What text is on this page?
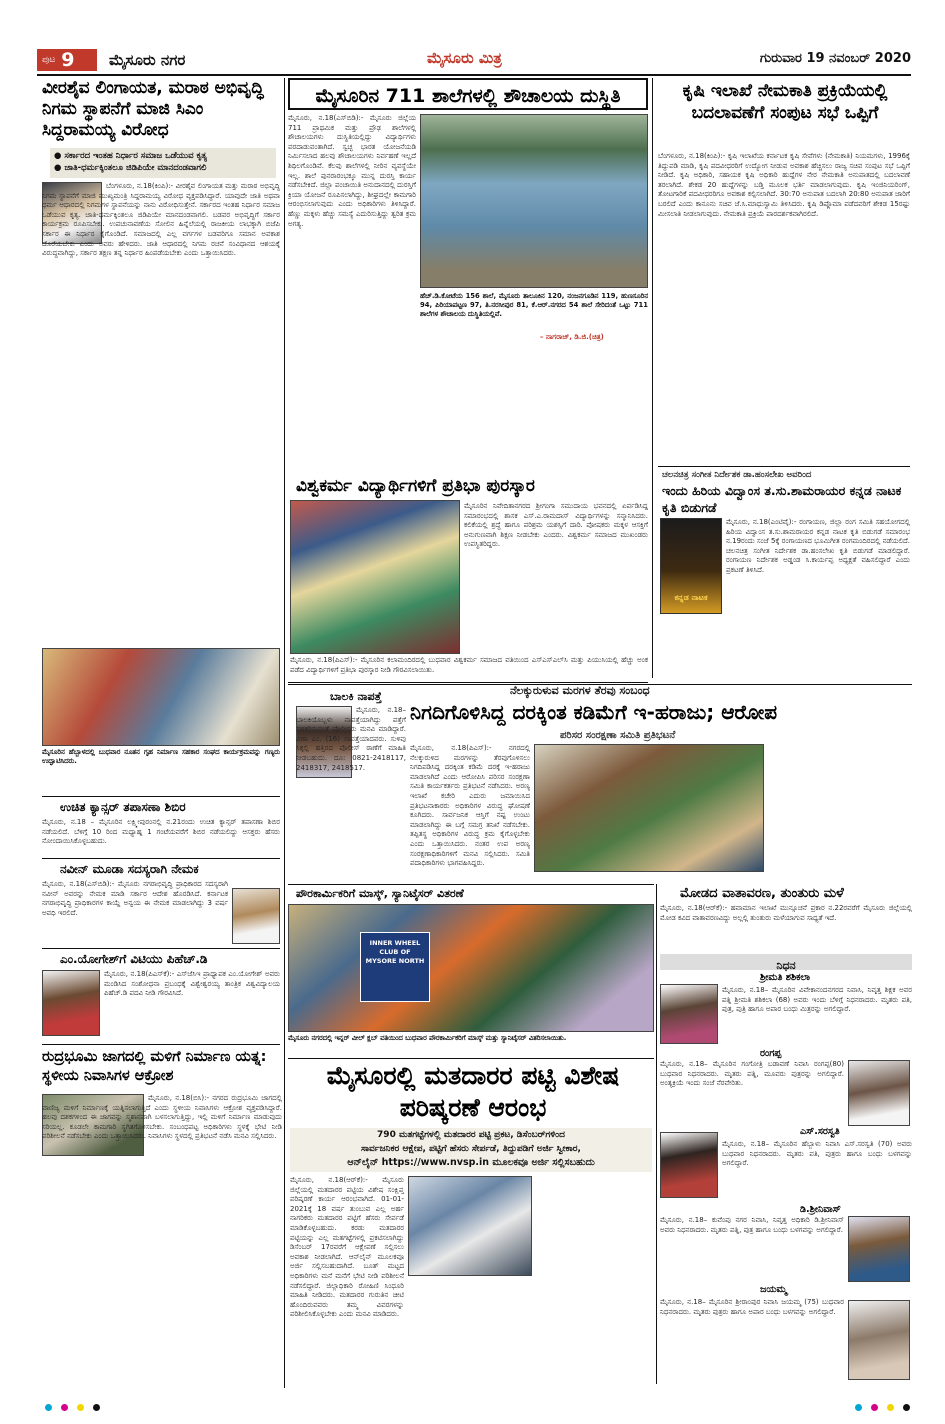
ಪುಟ 9 ಮೈಸೂರು ನಗರ	ಮೈಸೂರು ಮಿತ್ರ	ಗುರುವಾರ 19 ನವಂಬರ್ 2020
ವೀರಶೈವ ಲಿಂಗಾಯತ, ಮರಾಠ ಅಭಿವೃದ್ಧಿ ನಿಗಮ ಸ್ಥಾಪನೆಗೆ ಮಾಜಿ ಸಿಎಂ ಸಿದ್ದರಾಮಯ್ಯ ವಿರೋಧ
● ಸರ್ಕಾರದ ಇಂತಹ ನಿರ್ಧಾರ ಸಮಾಜ ಒಡೆಯುವ ಕೃತ್ಯ
● ಜಾತಿ-ಧರ್ಮಕ್ಕಿಂತಲೂ ಜಿಡಿಪಿಯೇ ಮಾನದಂಡವಾಗಲಿ
ಬೆಂಗಳೂರು, ನ.18(ಕಿಂಪಿ):- ವೀರಶೈವ ಲಿಂಗಾಯತ ಮತ್ತು ಮರಾಠ ಅಭಿವೃದ್ಧಿ ನಿಗಮ ಸ್ಥಾಪನೆಗೆ ಮಾಜಿ ಮುಖ್ಯಮಂತ್ರಿ ಸಿದ್ದರಾಮಯ್ಯ ವಿರೋಧ ವ್ಯಕ್ತಪಡಿಸಿದ್ದಾರೆ. ಯಾವುದೇ ಜಾತಿ ಅಥವಾ ಧರ್ಮ ಆಧಾರದಲ್ಲಿ ನಿಗಮಗಳ ಸ್ಥಾಪನೆಯನ್ನು ನಾನು ವಿರೋಧಿಸುತ್ತೇನೆ. ಸರ್ಕಾರದ ಇಂತಹ ನಿರ್ಧಾರ ಸಮಾಜ ಒಡೆಯುವ ಕೃತ್ಯ. ಜಾತಿ-ಧರ್ಮಕ್ಕಿಂತಲೂ ಜಿಡಿಪಿಯೇ ಮಾನದಂಡವಾಗಲಿ. ಬಡವರ ಅಭಿವೃದ್ಧಿಗೆ ಸರ್ಕಾರ ಕಾರ್ಯಕ್ರಮ ರೂಪಿಸಬೇಕು. ಉಪಚುನಾವಣೆಯ ಸೋಲಿನ ಹಿನ್ನೆಲೆಯಲ್ಲಿ ರಾಜಕೀಯ ಲಾಭಕ್ಕಾಗಿ ಬಿಜೆಪಿ ಸರ್ಕಾರ ಈ ನಿರ್ಧಾರ ಕೈಗೊಂಡಿದೆ. ಸಮಾಜದಲ್ಲಿ ಎಲ್ಲ ವರ್ಗಗಳ ಬಡವರಿಗೂ ಸಮಾನ ಅವಕಾಶ ದೊರೆಯಬೇಕು ಎಂದು ಅವರು ಹೇಳಿದರು. ಜಾತಿ ಆಧಾರದಲ್ಲಿ ನಿಗಮ ರಚನೆ ಸಂವಿಧಾನದ ಆಶಯಕ್ಕೆ ವಿರುದ್ಧವಾಗಿದ್ದು, ಸರ್ಕಾರ ತಕ್ಷಣ ತನ್ನ ನಿರ್ಧಾರ ಹಿಂಪಡೆಯಬೇಕು ಎಂದು ಒತ್ತಾಯಿಸಿದರು.
ಮೈಸೂರಿನ ಹೆಬ್ಬಾಳದಲ್ಲಿ ಬುಧವಾರ ನೂತನ ಗೃಹ ನಿರ್ಮಾಣ ಸಹಕಾರ ಸಂಘದ ಕಾರ್ಯಕ್ರಮವನ್ನು ಗಣ್ಯರು ಉದ್ಘಾಟಿಸಿದರು.
ಉಚಿತ ಕ್ಯಾನ್ಸರ್ ತಪಾಸಣಾ ಶಿಬಿರ
ಮೈಸೂರು, ನ.18 – ಮೈಸೂರಿನ ಲಕ್ಷ್ಮೀಪುರಂನಲ್ಲಿ ನ.21ರಂದು ಉಚಿತ ಕ್ಯಾನ್ಸರ್ ತಪಾಸಣಾ ಶಿಬಿರ ನಡೆಯಲಿದೆ. ಬೆಳಿಗ್ಗೆ 10 ರಿಂದ ಮಧ್ಯಾಹ್ನ 1 ಗಂಟೆಯವರೆಗೆ ಶಿಬಿರ ನಡೆಯಲಿದ್ದು ಆಸಕ್ತರು ಹೆಸರು ನೋಂದಾಯಿಸಿಕೊಳ್ಳಬಹುದು.
ನವೀನ್ ಮೂಡಾ ಸದಸ್ಯರಾಗಿ ನೇಮಕ
ಮೈಸೂರು, ನ.18(ಎಸ್‌ಬಿಡಿ):- ಮೈಸೂರು ನಗರಾಭಿವೃದ್ಧಿ ಪ್ರಾಧಿಕಾರದ ಸದಸ್ಯರಾಗಿ ನವೀನ್ ಅವರನ್ನು ನೇಮಕ ಮಾಡಿ ಸರ್ಕಾರ ಆದೇಶ ಹೊರಡಿಸಿದೆ. ಕರ್ನಾಟಕ ನಗರಾಭಿವೃದ್ಧಿ ಪ್ರಾಧಿಕಾರಗಳ ಕಾಯ್ದೆ ಅನ್ವಯ ಈ ನೇಮಕ ಮಾಡಲಾಗಿದ್ದು 3 ವರ್ಷ ಅವಧಿ ಇರಲಿದೆ.
ಎಂ.ಯೋಗೇಶ್‌ಗೆ ವಿಟಿಯು ಪಿಹೆಚ್.ಡಿ
ಮೈಸೂರು, ನ.18(ಪಿಎಸ್‌ಕೆ):- ಎಸ್‌ಜೆಸಿಇ ಪ್ರಾಧ್ಯಾಪಕ ಎಂ.ಯೋಗೇಶ್ ಅವರು ಮಂಡಿಸಿದ ಸಂಶೋಧನಾ ಪ್ರಬಂಧಕ್ಕೆ ವಿಶ್ವೇಶ್ವರಯ್ಯ ತಾಂತ್ರಿಕ ವಿಶ್ವವಿದ್ಯಾಲಯ ಪಿಹೆಚ್.ಡಿ ಪದವಿ ನೀಡಿ ಗೌರವಿಸಿದೆ.
ರುದ್ರಭೂಮಿ ಜಾಗದಲ್ಲಿ ಮಳಿಗೆ ನಿರ್ಮಾಣ ಯತ್ನ: ಸ್ಥಳೀಯ ನಿವಾಸಿಗಳ ಆಕ್ರೋಶ
ಮೈಸೂರು, ನ.18(ಬಿಸಿ):- ನಗರದ ರುದ್ರಭೂಮಿ ಜಾಗದಲ್ಲಿ ವಾಣಿಜ್ಯ ಮಳಿಗೆ ನಿರ್ಮಾಣಕ್ಕೆ ಯತ್ನಿಸಲಾಗುತ್ತಿದೆ ಎಂದು ಸ್ಥಳೀಯ ನಿವಾಸಿಗಳು ಆಕ್ರೋಶ ವ್ಯಕ್ತಪಡಿಸಿದ್ದಾರೆ. ಹಲವು ದಶಕಗಳಿಂದ ಈ ಜಾಗವನ್ನು ಸ್ಮಶಾನವಾಗಿ ಬಳಸಲಾಗುತ್ತಿದ್ದು, ಇಲ್ಲಿ ಮಳಿಗೆ ನಿರ್ಮಾಣ ಮಾಡುವುದು ಸರಿಯಲ್ಲ. ಕೂಡಲೇ ಕಾಮಗಾರಿ ಸ್ಥಗಿತಗೊಳಿಸಬೇಕು. ಸಂಬಂಧಪಟ್ಟ ಅಧಿಕಾರಿಗಳು ಸ್ಥಳಕ್ಕೆ ಭೇಟಿ ನೀಡಿ ಪರಿಶೀಲನೆ ನಡೆಸಬೇಕು ಎಂದು ಒತ್ತಾಯಿಸಿದರು. ನಿವಾಸಿಗಳು ಸ್ಥಳದಲ್ಲಿ ಪ್ರತಿಭಟನೆ ನಡೆಸಿ ಮನವಿ ಸಲ್ಲಿಸಿದರು.
ಮೈಸೂರಿನ 711 ಶಾಲೆಗಳಲ್ಲಿ ಶೌಚಾಲಯ ದುಸ್ಥಿತಿ
ಮೈಸೂರು, ನ.18(ಎಸ್‌ಬಿಡಿ):- ಮೈಸೂರು ಜಿಲ್ಲೆಯ 711 ಪ್ರಾಥಮಿಕ ಮತ್ತು ಪ್ರೌಢ ಶಾಲೆಗಳಲ್ಲಿ ಶೌಚಾಲಯಗಳು ದುಸ್ಥಿತಿಯಲ್ಲಿದ್ದು ವಿದ್ಯಾರ್ಥಿಗಳು ಪರದಾಡುವಂತಾಗಿದೆ. ಸ್ವಚ್ಛ ಭಾರತ ಯೋಜನೆಯಡಿ ನಿರ್ಮಿಸಲಾದ ಹಲವು ಶೌಚಾಲಯಗಳು ನಿರ್ವಹಣೆ ಇಲ್ಲದೆ ಶಿಥಿಲಗೊಂಡಿವೆ. ಕೆಲವು ಶಾಲೆಗಳಲ್ಲಿ ನೀರಿನ ವ್ಯವಸ್ಥೆಯೇ ಇಲ್ಲ. ಶಾಲೆ ಪುನರಾರಂಭಕ್ಕೂ ಮುನ್ನ ದುರಸ್ತಿ ಕಾರ್ಯ ನಡೆಸಬೇಕಿದೆ. ಜಿಲ್ಲಾ ಪಂಚಾಯಿತಿ ಅನುದಾನದಲ್ಲಿ ದುರಸ್ತಿಗೆ ಕ್ರಿಯಾ ಯೋಜನೆ ರೂಪಿಸಲಾಗಿದ್ದು, ಶೀಘ್ರದಲ್ಲೇ ಕಾಮಗಾರಿ ಆರಂಭಿಸಲಾಗುವುದು ಎಂದು ಅಧಿಕಾರಿಗಳು ತಿಳಿಸಿದ್ದಾರೆ. ಹೆಣ್ಣು ಮಕ್ಕಳು ಹೆಚ್ಚು ಸಮಸ್ಯೆ ಎದುರಿಸುತ್ತಿದ್ದು ತ್ವರಿತ ಕ್ರಮ ಅಗತ್ಯ.
ಹೆಚ್.ಡಿ.ಕೋಟೆಯ 156 ಶಾಲೆ, ಮೈಸೂರು ತಾಲೂಕಿನ 120, ನಂಜನಗೂಡಿನ 119, ಹುಣಸೂರಿನ 94, ಪಿರಿಯಾಪಟ್ಟಣ 97, ತಿ.ನರಸೀಪುರ 81, ಕೆ.ಆರ್.ನಗರದ 54 ಶಾಲೆ ಸೇರಿದಂತೆ ಒಟ್ಟು 711 ಶಾಲೆಗಳ ಶೌಚಾಲಯ ದುಸ್ಥಿತಿಯಲ್ಲಿವೆ.
– ನಾಗರಾಜ್, ಡಿ.ಜಿ.(ಚಿತ್ರ)
ವಿಶ್ವಕರ್ಮ ವಿದ್ಯಾರ್ಥಿಗಳಿಗೆ ಪ್ರತಿಭಾ ಪುರಸ್ಕಾರ
ಮೈಸೂರಿನ ನಿವೇದಿತಾನಗರದ ಶ್ರೀಗಂಗಾ ಸಮುದಾಯ ಭವನದಲ್ಲಿ ಏರ್ಪಡಿಸಿದ್ದ ಸಮಾರಂಭದಲ್ಲಿ ಶಾಸಕ ಎಸ್.ಎ.ರಾಮದಾಸ್ ವಿದ್ಯಾರ್ಥಿಗಳನ್ನು ಸನ್ಮಾನಿಸಿದರು. ಕಲಿಕೆಯಲ್ಲಿ ಶ್ರದ್ಧೆ ಹಾಗೂ ಪರಿಶ್ರಮ ಯಶಸ್ಸಿಗೆ ದಾರಿ. ಪೋಷಕರು ಮಕ್ಕಳ ಆಸಕ್ತಿಗೆ ಅನುಗುಣವಾಗಿ ಶಿಕ್ಷಣ ನೀಡಬೇಕು ಎಂದರು. ವಿಶ್ವಕರ್ಮ ಸಮಾಜದ ಮುಖಂಡರು ಉಪಸ್ಥಿತರಿದ್ದರು.
ಮೈಸೂರು, ನ.18(ಪಿಎಸ್):- ಮೈಸೂರಿನ ಕಲಾಮಂದಿರದಲ್ಲಿ ಬುಧವಾರ ವಿಶ್ವಕರ್ಮ ಸಮಾಜದ ವತಿಯಿಂದ ಎಸ್‌ಎಸ್‌ಎಲ್‌ಸಿ ಮತ್ತು ಪಿಯುಸಿಯಲ್ಲಿ ಹೆಚ್ಚು ಅಂಕ ಪಡೆದ ವಿದ್ಯಾರ್ಥಿಗಳಿಗೆ ಪ್ರತಿಭಾ ಪುರಸ್ಕಾರ ನೀಡಿ ಗೌರವಿಸಲಾಯಿತು.
ಕೃಷಿ ಇಲಾಖೆ ನೇಮಕಾತಿ ಪ್ರಕ್ರಿಯೆಯಲ್ಲಿ ಬದಲಾವಣೆಗೆ ಸಂಪುಟ ಸಭೆ ಒಪ್ಪಿಗೆ
ಬೆಂಗಳೂರು, ನ.18(ಕಿಂಪಿ):- ಕೃಷಿ ಇಲಾಖೆಯ ಕರ್ನಾಟಕ ಕೃಷಿ ಸೇವೆಗಳು (ನೇಮಕಾತಿ) ನಿಯಮಗಳು, 1996ಕ್ಕೆ ತಿದ್ದುಪಡಿ ಮಾಡಿ, ಕೃಷಿ ಪದವೀಧರರಿಗೆ ಉದ್ಯೋಗ ನೀಡುವ ಅವಕಾಶ ಹೆಚ್ಚಿಸಲು ರಾಜ್ಯ ಸಚಿವ ಸಂಪುಟ ಸಭೆ ಒಪ್ಪಿಗೆ ನೀಡಿದೆ. ಕೃಷಿ ಅಧಿಕಾರಿ, ಸಹಾಯಕ ಕೃಷಿ ಅಧಿಕಾರಿ ಹುದ್ದೆಗಳ ನೇರ ನೇಮಕಾತಿ ಅನುಪಾತದಲ್ಲಿ ಬದಲಾವಣೆ ತರಲಾಗಿದೆ. ಶೇಕಡ 20 ಹುದ್ದೆಗಳನ್ನು ಬಡ್ತಿ ಮೂಲಕ ಭರ್ತಿ ಮಾಡಲಾಗುವುದು. ಕೃಷಿ ಇಂಜಿನಿಯರಿಂಗ್, ತೋಟಗಾರಿಕೆ ಪದವೀಧರರಿಗೂ ಅವಕಾಶ ಕಲ್ಪಿಸಲಾಗಿದೆ. 30:70 ಅನುಪಾತ ಬದಲಾಗಿ 20:80 ಅನುಪಾತ ಜಾರಿಗೆ ಬರಲಿದೆ ಎಂದು ಕಾನೂನು ಸಚಿವ ಜೆ.ಸಿ.ಮಾಧುಸ್ವಾಮಿ ತಿಳಿಸಿದರು. ಕೃಷಿ ಡಿಪ್ಲೊಮಾ ಪಡೆದವರಿಗೆ ಶೇಕಡ 15ರಷ್ಟು ಮೀಸಲಾತಿ ನೀಡಲಾಗುವುದು. ನೇಮಕಾತಿ ಪ್ರಕ್ರಿಯೆ ಪಾರದರ್ಶಕವಾಗಿರಲಿದೆ.
ಚಲನಚಿತ್ರ ಸಂಗೀತ ನಿರ್ದೇಶಕ ಡಾ.ಹಂಸಲೇಖ ಅವರಿಂದ
ಇಂದು ಹಿರಿಯ ವಿದ್ವಾಂಸ ತ.ಸು.ಶಾಮರಾಯರ ಕನ್ನಡ ನಾಟಕ ಕೃತಿ ಬಿಡುಗಡೆ
ಕನ್ನಡ ನಾಟಕ
ಮೈಸೂರು, ನ.18(ಎಂಟಿವೈ):- ರಂಗಾಯಣ, ಜಿಲ್ಲಾ ರಂಗ ಸಮಿತಿ ಸಹಯೋಗದಲ್ಲಿ ಹಿರಿಯ ವಿದ್ವಾಂಸ ತ.ಸು.ಶಾಮರಾಯರ ಕನ್ನಡ ನಾಟಕ ಕೃತಿ ಬಿಡುಗಡೆ ಸಮಾರಂಭ ನ.19ರಂದು ಸಂಜೆ 5ಕ್ಕೆ ರಂಗಾಯಣದ ಭೂಮಿಗೀತ ರಂಗಮಂದಿರದಲ್ಲಿ ನಡೆಯಲಿದೆ. ಚಲನಚಿತ್ರ ಸಂಗೀತ ನಿರ್ದೇಶಕ ಡಾ.ಹಂಸಲೇಖ ಕೃತಿ ಬಿಡುಗಡೆ ಮಾಡಲಿದ್ದಾರೆ. ರಂಗಾಯಣ ನಿರ್ದೇಶಕ ಅಡ್ಡಂಡ ಸಿ.ಕಾರ್ಯಪ್ಪ ಅಧ್ಯಕ್ಷತೆ ವಹಿಸಲಿದ್ದಾರೆ ಎಂದು ಪ್ರಕಟಣೆ ತಿಳಿಸಿದೆ.
ನೆಲಕ್ಕುರುಳುವ ಮರಗಳ ತೆರವು ಸಂಬಂಧ
ನಿಗದಿಗೊಳಿಸಿದ್ದ ದರಕ್ಕಿಂತ ಕಡಿಮೆಗೆ ಇ-ಹರಾಜು; ಆರೋಪ
ಪರಿಸರ ಸಂರಕ್ಷಣಾ ಸಮಿತಿ ಪ್ರತಿಭಟನೆ
ಬಾಲಕಿ ನಾಪತ್ತೆ
ಮೈಸೂರು, ನ.18– ಬಾಲಕಿಯೊಬ್ಬಳು ನಾಪತ್ತೆಯಾಗಿದ್ದು ಪತ್ತೆಗೆ ಸಹಕರಿಸುವಂತೆ ಪೊಲೀಸರು ಮನವಿ ಮಾಡಿದ್ದಾರೆ. ವಿಣಾ ಎಂ. (16) ನಾಪತ್ತೆಯಾದವರು. ಸುಳಿವು ಸಿಕ್ಕಲ್ಲಿ ಹತ್ತಿರದ ಪೊಲೀಸ್ ಠಾಣೆಗೆ ಮಾಹಿತಿ ನೀಡಬಹುದು. ದೂ: 0821-2418117, 2418317, 2418517.
ಮೈಸೂರು, ನ.18(ಪಿಎಸ್):- ನಗರದಲ್ಲಿ ನೆಲಕ್ಕುರುಳಿದ ಮರಗಳನ್ನು ತೆರವುಗೊಳಿಸಲು ನಿಗದಿಪಡಿಸಿದ್ದ ದರಕ್ಕಿಂತ ಕಡಿಮೆ ದರಕ್ಕೆ ಇ-ಹರಾಜು ಮಾಡಲಾಗಿದೆ ಎಂದು ಆರೋಪಿಸಿ ಪರಿಸರ ಸಂರಕ್ಷಣಾ ಸಮಿತಿ ಕಾರ್ಯಕರ್ತರು ಪ್ರತಿಭಟನೆ ನಡೆಸಿದರು. ಅರಣ್ಯ ಇಲಾಖೆ ಕಚೇರಿ ಎದುರು ಜಮಾಯಿಸಿದ ಪ್ರತಿಭಟನಾಕಾರರು ಅಧಿಕಾರಿಗಳ ವಿರುದ್ಧ ಘೋಷಣೆ ಕೂಗಿದರು. ಸಾರ್ವಜನಿಕ ಆಸ್ತಿಗೆ ನಷ್ಟ ಉಂಟು ಮಾಡಲಾಗಿದ್ದು ಈ ಬಗ್ಗೆ ಸಮಗ್ರ ತನಿಖೆ ನಡೆಸಬೇಕು. ತಪ್ಪಿತಸ್ಥ ಅಧಿಕಾರಿಗಳ ವಿರುದ್ಧ ಕ್ರಮ ಕೈಗೊಳ್ಳಬೇಕು ಎಂದು ಒತ್ತಾಯಿಸಿದರು. ನಂತರ ಉಪ ಅರಣ್ಯ ಸಂರಕ್ಷಣಾಧಿಕಾರಿಗಳಿಗೆ ಮನವಿ ಸಲ್ಲಿಸಿದರು. ಸಮಿತಿ ಪದಾಧಿಕಾರಿಗಳು ಭಾಗವಹಿಸಿದ್ದರು.
ಪೌರಕಾರ್ಮಿಕರಿಗೆ ಮಾಸ್ಕ್, ಸ್ಯಾನಿಟೈಸರ್ ವಿತರಣೆ
INNER WHEEL CLUB OF MYSORE NORTH
ಮೈಸೂರು ನಗರದಲ್ಲಿ ಇನ್ನರ್ ವೀಲ್ ಕ್ಲಬ್ ವತಿಯಿಂದ ಬುಧವಾರ ಪೌರಕಾರ್ಮಿಕರಿಗೆ ಮಾಸ್ಕ್ ಮತ್ತು ಸ್ಯಾನಿಟೈಸರ್ ವಿತರಿಸಲಾಯಿತು.
ಮೋಡದ ವಾತಾವರಣ, ತುಂತುರು ಮಳೆ
ಮೈಸೂರು, ನ.18(ಆರ್‌ಕೆ):- ಹವಾಮಾನ ಇಲಾಖೆ ಮುನ್ಸೂಚನೆ ಪ್ರಕಾರ ನ.22ರವರೆಗೆ ಮೈಸೂರು ಜಿಲ್ಲೆಯಲ್ಲಿ ಮೋಡ ಕವಿದ ವಾತಾವರಣವಿದ್ದು ಅಲ್ಲಲ್ಲಿ ತುಂತುರು ಮಳೆಯಾಗುವ ಸಾಧ್ಯತೆ ಇದೆ.
ನಿಧನ
ಶ್ರೀಮತಿ ಶಶಿಕಲಾ
ಮೈಸೂರು, ನ.18– ಮೈಸೂರಿನ ವಿವೇಕಾನಂದನಗರದ ನಿವಾಸಿ, ನಿವೃತ್ತ ಶಿಕ್ಷಕ ಅವರ ಪತ್ನಿ ಶ್ರೀಮತಿ ಶಶಿಕಲಾ (68) ಅವರು ಇಂದು ಬೆಳಿಗ್ಗೆ ನಿಧನರಾದರು. ಮೃತರು ಪತಿ, ಪುತ್ರ, ಪುತ್ರಿ ಹಾಗೂ ಅಪಾರ ಬಂಧು ಮಿತ್ರರನ್ನು ಅಗಲಿದ್ದಾರೆ.
ರಂಗಪ್ಪ
ಮೈಸೂರು, ನ.18– ಮೈಸೂರಿನ ಗಂಗೋತ್ರಿ ಬಡಾವಣೆ ನಿವಾಸಿ ರಂಗಪ್ಪ(80) ಬುಧವಾರ ನಿಧನರಾದರು. ಮೃತರು ಪತ್ನಿ, ಮೂವರು ಪುತ್ರರನ್ನು ಅಗಲಿದ್ದಾರೆ. ಅಂತ್ಯಕ್ರಿಯೆ ಇಂದು ಸಂಜೆ ನೆರವೇರಿತು.
ಎಸ್.ಸರಸ್ವತಿ
ಮೈಸೂರು, ನ.18– ಮೈಸೂರಿನ ಹೆಬ್ಬಾಳು ನಿವಾಸಿ ಎಸ್.ಸರಸ್ವತಿ (70) ಅವರು ಬುಧವಾರ ನಿಧನರಾದರು. ಮೃತರು ಪತಿ, ಪುತ್ರರು ಹಾಗೂ ಬಂಧು ಬಳಗವನ್ನು ಅಗಲಿದ್ದಾರೆ.
ಡಿ.ಶ್ರೀನಿವಾಸ್
ಮೈಸೂರು, ನ.18– ಕುವೆಂಪು ನಗರ ನಿವಾಸಿ, ನಿವೃತ್ತ ಅಧಿಕಾರಿ ಡಿ.ಶ್ರೀನಿವಾಸ್ ಅವರು ನಿಧನರಾದರು. ಮೃತರು ಪತ್ನಿ, ಪುತ್ರ ಹಾಗೂ ಬಂಧು ಬಳಗವನ್ನು ಅಗಲಿದ್ದಾರೆ.
ಜಯಮ್ಮ
ಮೈಸೂರು, ನ.18– ಮೈಸೂರಿನ ಶ್ರೀರಾಂಪುರ ನಿವಾಸಿ ಜಯಮ್ಮ (75) ಬುಧವಾರ ನಿಧನರಾದರು. ಮೃತರು ಪುತ್ರರು ಹಾಗೂ ಅಪಾರ ಬಂಧು ಬಳಗವನ್ನು ಅಗಲಿದ್ದಾರೆ.
ಮೈಸೂರಲ್ಲಿ ಮತದಾರರ ಪಟ್ಟಿ ವಿಶೇಷ ಪರಿಷ್ಕರಣೆ ಆರಂಭ
790 ಮತಗಟ್ಟೆಗಳಲ್ಲಿ ಮತದಾರರ ಪಟ್ಟಿ ಪ್ರಕಟ, ಡಿಸೆಂಬರ್‌ಗಳಿಂದ
ಸಾರ್ವಜನಿಕರ ಆಕ್ಷೇಪ, ಪಟ್ಟಿಗೆ ಹೆಸರು ಸೇರ್ಪಡೆ, ತಿದ್ದುಪಡಿಗೆ ಅರ್ಜಿ ಸ್ವೀಕಾರ,
ಆನ್‌ಲೈನ್ https://www.nvsp.in ಮೂಲಕವೂ ಅರ್ಜಿ ಸಲ್ಲಿಸಬಹುದು
ಮೈಸೂರು, ನ.18(ಆರ್‌ಕೆ):- ಮೈಸೂರು ಜಿಲ್ಲೆಯಲ್ಲಿ ಮತದಾರರ ಪಟ್ಟಿಯ ವಿಶೇಷ ಸಂಕ್ಷಿಪ್ತ ಪರಿಷ್ಕರಣೆ ಕಾರ್ಯ ಆರಂಭವಾಗಿದೆ. 01-01-2021ಕ್ಕೆ 18 ವರ್ಷ ತುಂಬುವ ಎಲ್ಲ ಅರ್ಹ ನಾಗರಿಕರು ಮತದಾರರ ಪಟ್ಟಿಗೆ ಹೆಸರು ಸೇರ್ಪಡೆ ಮಾಡಿಕೊಳ್ಳಬಹುದು. ಕರಡು ಮತದಾರರ ಪಟ್ಟಿಯನ್ನು ಎಲ್ಲ ಮತಗಟ್ಟೆಗಳಲ್ಲಿ ಪ್ರಕಟಿಸಲಾಗಿದ್ದು ಡಿಸೆಂಬರ್ 17ರವರೆಗೆ ಆಕ್ಷೇಪಣೆ ಸಲ್ಲಿಸಲು ಅವಕಾಶ ನೀಡಲಾಗಿದೆ. ಆನ್‌ಲೈನ್ ಮೂಲಕವೂ ಅರ್ಜಿ ಸಲ್ಲಿಸಬಹುದಾಗಿದೆ. ಬೂತ್ ಮಟ್ಟದ ಅಧಿಕಾರಿಗಳು ಮನೆ ಮನೆಗೆ ಭೇಟಿ ನೀಡಿ ಪರಿಶೀಲನೆ ನಡೆಸಲಿದ್ದಾರೆ. ಜಿಲ್ಲಾಧಿಕಾರಿ ರೋಹಿಣಿ ಸಿಂಧೂರಿ ಮಾಹಿತಿ ನೀಡಿದರು. ಮತದಾರರ ಗುರುತಿನ ಚೀಟಿ ಹೊಂದಿರುವವರು ತಮ್ಮ ವಿವರಗಳನ್ನು ಪರಿಶೀಲಿಸಿಕೊಳ್ಳಬೇಕು ಎಂದು ಮನವಿ ಮಾಡಿದರು.
